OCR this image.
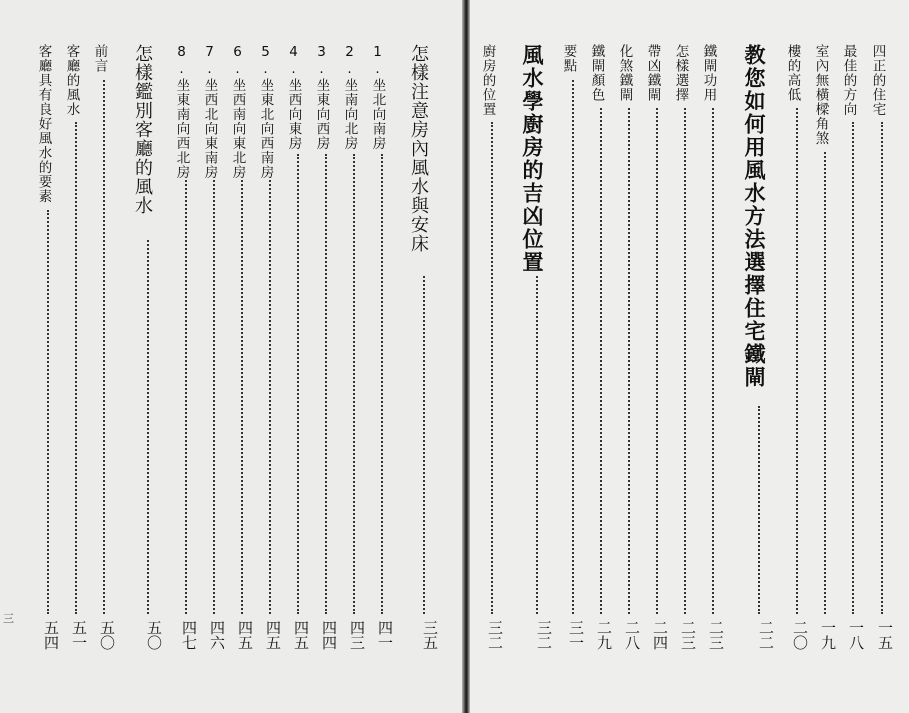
四正的住宅
一五
最佳的方向
一八
室內無橫樑角煞
一九
樓的高低
二〇
教您如何用風水方法選擇住宅鐵閘
二二
鐵閘功用
二三
怎樣選擇
二三
帶凶鐵閘
二四
化煞鐵閘
二八
鐵閘顏色
二九
要點
三一
風水學廚房的吉凶位置
三二
廚房的位置
三二
怎樣注意房內風水與安床
三五
1.坐北向南房
四一
2.坐南向北房
四三
3.坐東向西房
四四
4.坐西向東房
四五
5.坐東北向西南房
四五
6.坐西南向東北房
四五
7.坐西北向東南房
四六
8.坐東南向西北房
四七
怎樣鑑別客廳的風水
五〇
前言
五〇
客廳的風水
五一
客廳具有良好風水的要素
五四
三
